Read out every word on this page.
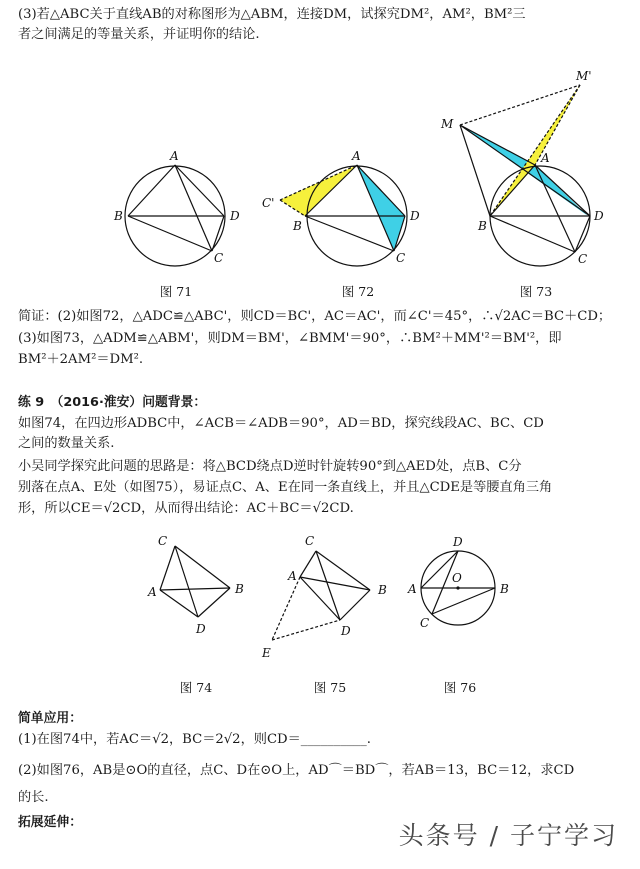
(3)若△ABC关于直线AB的对称图形为△ABM，连接DM，试探究DM²，AM²，BM²三
者之间满足的等量关系，并证明你的结论.
A
B	D
C
A
B
D
C
C'
A
B
D
C
M
M'
图 71	图 72	图 73
简证：(2)如图72，△ADC≌△ABC'，则CD＝BC'，AC＝AC'，而∠C'＝45°，∴√2AC＝BC＋CD；
(3)如图73，△ADM≌△ABM'，则DM＝BM'，∠BMM'＝90°，∴BM²＋MM'²＝BM'²，即
BM²＋2AM²＝DM².
练 9　（2016·淮安）问题背景：
如图74，在四边形ADBC中，∠ACB＝∠ADB＝90°，AD＝BD，探究线段AC、BC、CD
之间的数量关系.
小吴同学探究此问题的思路是：将△BCD绕点D逆时针旋转90°到△AED处，点B、C分
别落在点A、E处（如图75），易证点C、A、E在同一条直线上，并且△CDE是等腰直角三角
形，所以CE＝√2CD，从而得出结论：AC＋BC＝√2CD.
C
A	B
D
C
A
B
D
E
D
A	B
O
C
图 74	图 75	图 76
简单应用：
(1)在图74中，若AC＝√2，BC＝2√2，则CD＝__________.
(2)如图76，AB是⊙O的直径，点C、D在⊙O上，AD⌒＝BD⌒，若AB＝13，BC＝12，求CD
的长.
拓展延伸：	头条号 / 子宁学习
